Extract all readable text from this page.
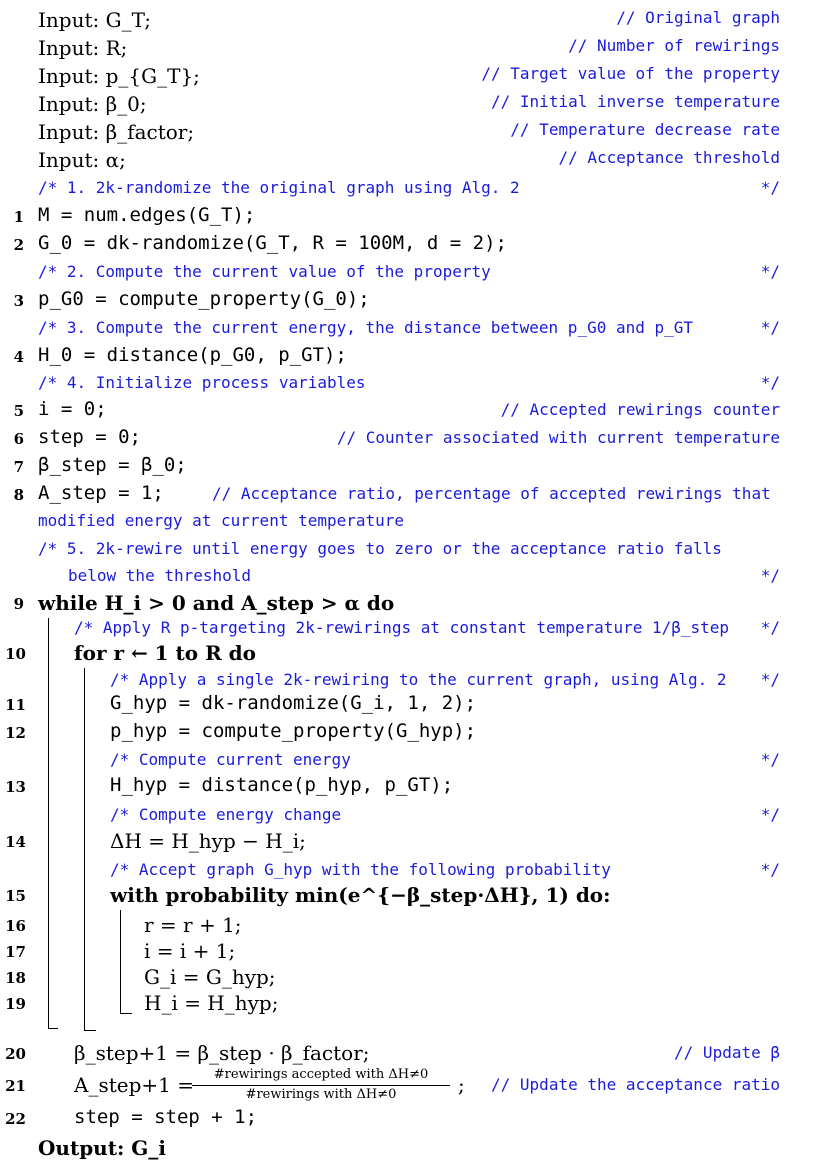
Input: G_T;	// Original graph
Input: R;	// Number of rewirings
Input: p_{G_T};	// Target value of the property
Input: β_0;	// Initial inverse temperature
Input: β_factor;	// Temperature decrease rate
Input: α;	// Acceptance threshold
/* 1. 2k-randomize the original graph using Alg. 2	*/
1 M = num.edges(G_T);
2 G_0 = dk-randomize(G_T, R = 100M, d = 2);
/* 2. Compute the current value of the property	*/
3 p_G0 = compute_property(G_0);
/* 3. Compute the current energy, the distance between p_G0 and p_GT	*/
4 H_0 = distance(p_G0, p_GT);
/* 4. Initialize process variables	*/
5 i = 0;	// Accepted rewirings counter
6 step = 0;	// Counter associated with current temperature
7 β_step = β_0;
8 A_step = 1;	// Acceptance ratio, percentage of accepted rewirings that
modified energy at current temperature
/* 5. 2k-rewire until energy goes to zero or the acceptance ratio falls
below the threshold	*/
9 while H_i > 0 and A_step > α do
/* Apply R p-targeting 2k-rewirings at constant temperature 1/β_step */
10 for r ← 1 to R do
/* Apply a single 2k-rewiring to the current graph, using Alg. 2 */
11	G_hyp = dk-randomize(G_i, 1, 2);
12	p_hyp = compute_property(G_hyp);
/* Compute current energy	*/
13	H_hyp = distance(p_hyp, p_GT);
/* Compute energy change	*/
14	ΔH = H_hyp − H_i;
/* Accept graph G_hyp with the following probability	*/
15	with probability min(e^{−β_step·ΔH}, 1) do:
16	r = r + 1;
17	i = i + 1;
18	G_i = G_hyp;
19	H_i = H_hyp;
20 β_step+1 = β_step · β_factor;	// Update β
21 A_step+1 =	#rewirings accepted with ΔH≠0
#rewirings with ΔH≠0	; // Update the acceptance ratio
22	step = step + 1;
Output: G_i
